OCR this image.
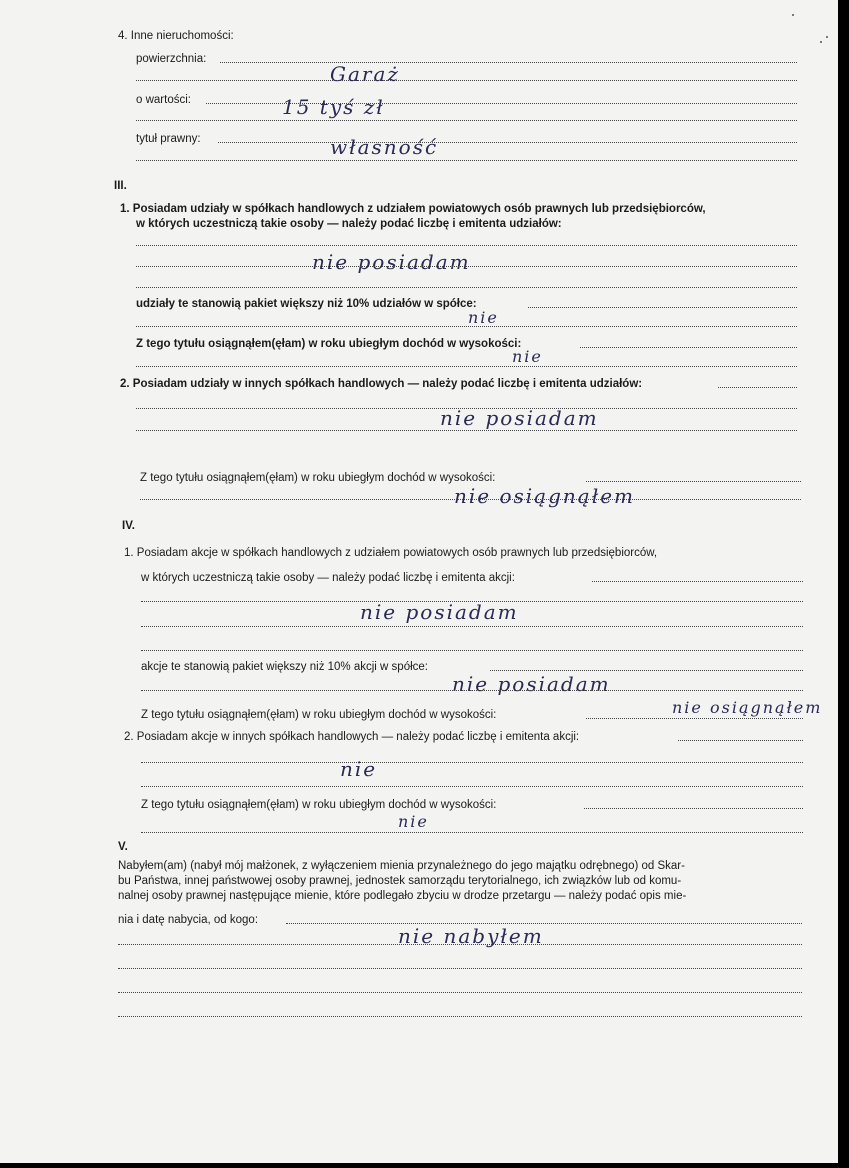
4. Inne nieruchomości:
powierzchnia:
Garaż
o wartości:	15 tyś zł
tytuł prawny:	własność
III.
1. Posiadam udziały w spółkach handlowych z udziałem powiatowych osób prawnych lub przedsiębiorców,
w których uczestniczą takie osoby — należy podać liczbę i emitenta udziałów:
nie posiadam
udziały te stanowią pakiet większy niż 10% udziałów w spółce:
nie
Z tego tytułu osiągnąłem(ęłam) w roku ubiegłym dochód w wysokości:
nie
2. Posiadam udziały w innych spółkach handlowych — należy podać liczbę i emitenta udziałów:
nie posiadam
Z tego tytułu osiągnąłem(ęłam) w roku ubiegłym dochód w wysokości:
nie osiągnąłem
IV.
1. Posiadam akcje w spółkach handlowych z udziałem powiatowych osób prawnych lub przedsiębiorców,
w których uczestniczą takie osoby — należy podać liczbę i emitenta akcji:
nie posiadam
akcje te stanowią pakiet większy niż 10% akcji w spółce:
nie posiadam
Z tego tytułu osiągnąłem(ęłam) w roku ubiegłym dochód w wysokości:	nie osiągnąłem
2. Posiadam akcje w innych spółkach handlowych — należy podać liczbę i emitenta akcji:
nie
Z tego tytułu osiągnąłem(ęłam) w roku ubiegłym dochód w wysokości:
nie
V.
Nabyłem(am) (nabył mój małżonek, z wyłączeniem mienia przynależnego do jego majątku odrębnego) od Skar-
bu Państwa, innej państwowej osoby prawnej, jednostek samorządu terytorialnego, ich związków lub od komu-
nalnej osoby prawnej następujące mienie, które podlegało zbyciu w drodze przetargu — należy podać opis mie-
nia i datę nabycia, od kogo:
nie nabyłem
